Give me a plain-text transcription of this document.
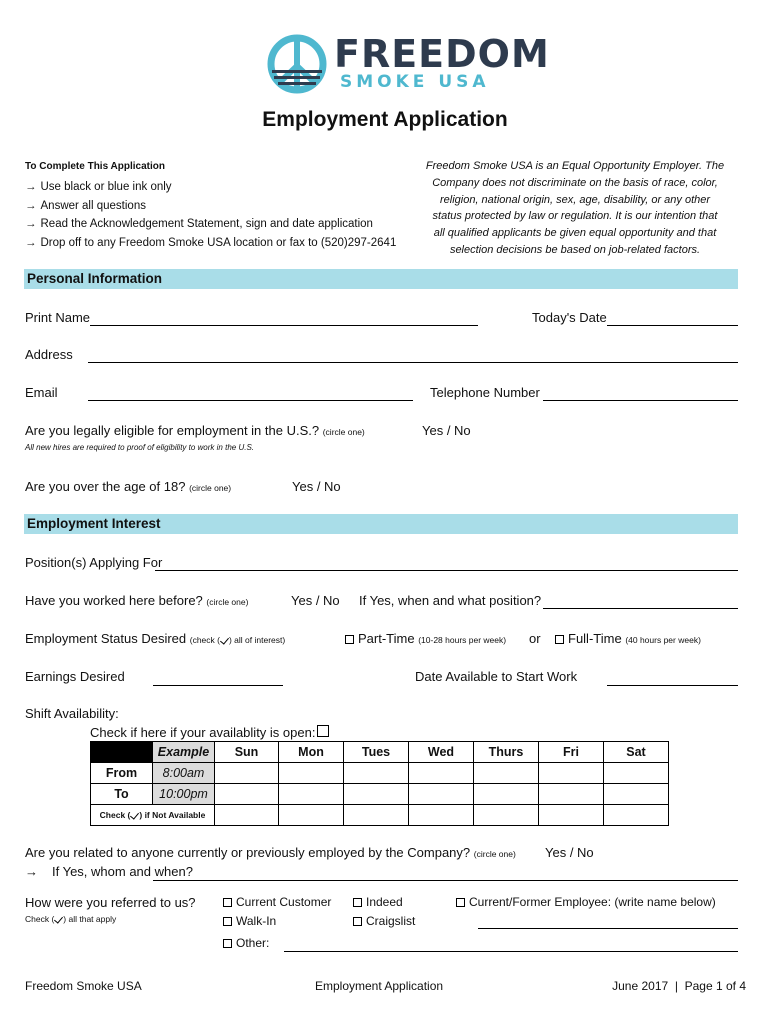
FREEDOM
SMOKE USA
Employment Application
To Complete This Application
→ Use black or blue ink only
→ Answer all questions
→ Read the Acknowledgement Statement, sign and date application
→ Drop off to any Freedom Smoke USA location or fax to (520)297-2641
Freedom Smoke USA is an Equal Opportunity Employer. The
Company does not discriminate on the basis of race, color,
religion, national origin, sex, age, disability, or any other
status protected by law or regulation. It is our intention that
all qualified applicants be given equal opportunity and that
selection decisions be based on job-related factors.
Personal Information
Print Name	Today's Date
Address
Email	Telephone Number
Are you legally eligible for employment in the U.S.? (circle one)	Yes / No
All new hires are required to proof of eligibility to work in the U.S.
Are you over the age of 18? (circle one)	Yes / No
Employment Interest
Position(s) Applying For
Have you worked here before? (circle one)	Yes / No If Yes, when and what position?
Employment Status Desired (check ( ) all of interest)	Part-Time (10-28 hours per week) or	Full-Time (40 hours per week)
Earnings Desired	Date Available to Start Work
Shift Availability:
Check if here if your availablity is open:
	Example	Sun	Mon	Tues	Wed	Thurs	Fri	Sat
From	8:00am							
To	10:00pm							
Check ( ) if Not Available								
Are you related to anyone currently or previously employed by the Company? (circle one) Yes / No
→ If Yes, whom and when?
How were you referred to us?
Check ( ) all that apply
Current Customer	Indeed	Current/Former Employee: (write name below)
Walk-In	Craigslist
Other:
Freedom Smoke USA	Employment Application	June 2017  |  Page 1 of 4
